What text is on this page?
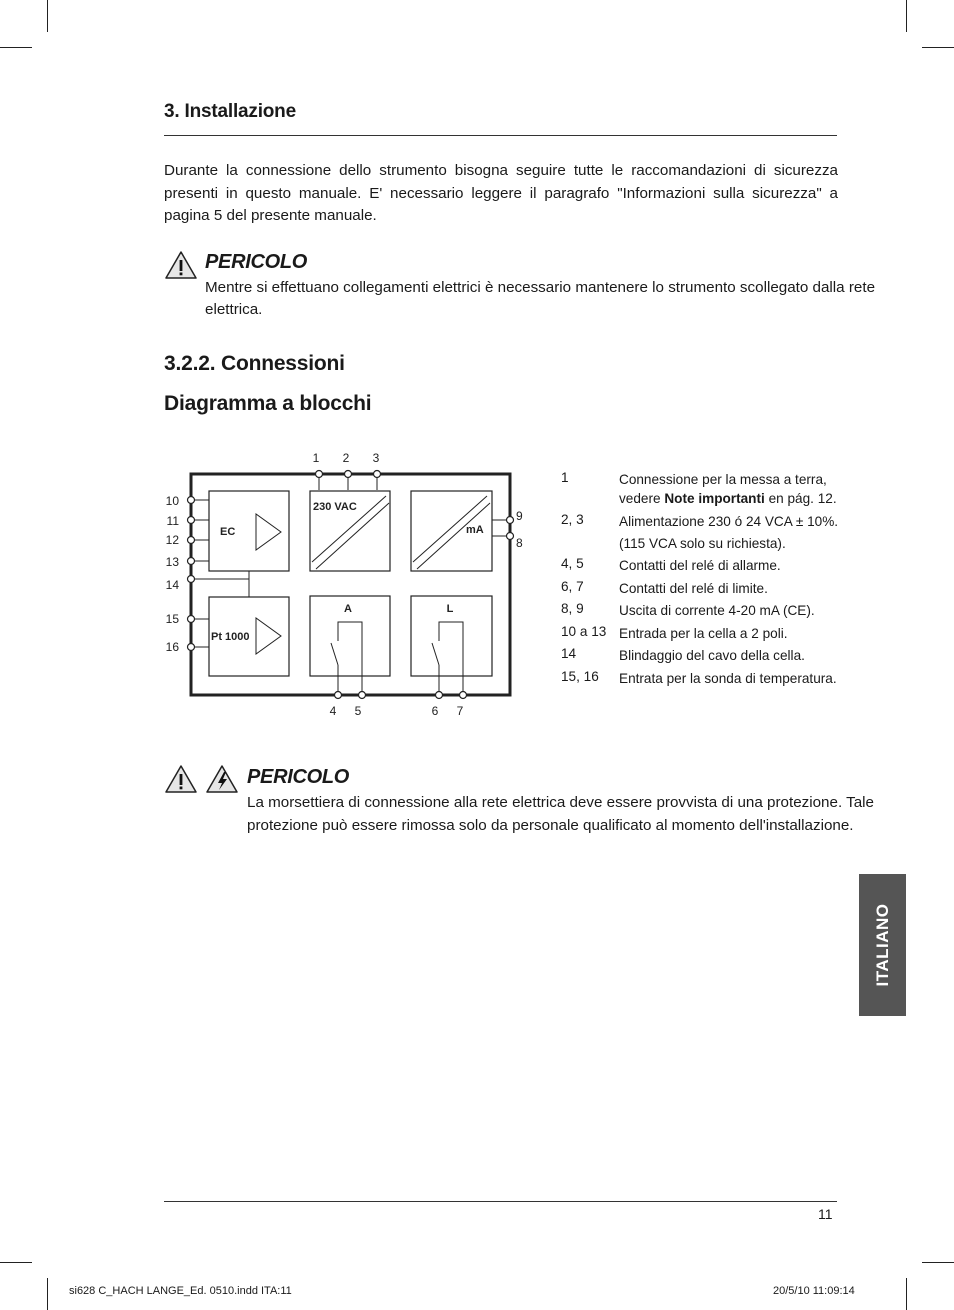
3. Installazione
Durante la connessione dello strumento bisogna seguire tutte le raccomandazioni di sicurezza presenti in questo manuale. E' necessario leggere il paragrafo "Informazioni sulla sicurezza" a pagina 5 del presente manuale.
PERICOLO
Mentre si effettuano collegamenti elettrici è necessario mantenere lo strumento scollegato dalla rete
elettrica.
3.2.2. Connessioni
Diagramma a blocchi
1 2 3
10
11
12
13
14
15
16
9
8
4 5	6 7
EC
Pt 1000
230 VAC
mA
A	L
1	Connessione per la messa a terra,
vedere Note importanti en pág. 12.
2, 3	Alimentazione 230 ó 24 VCA ± 10%.
(115 VCA solo su richiesta).
4, 5	Contatti del relé di allarme.
6, 7	Contatti del relé di limite.
8, 9	Uscita di corrente 4-20 mA (CE).
10 a 13 Entrada per la cella a 2 poli.
14	Blindaggio del cavo della cella.
15, 16 Entrata per la sonda di temperatura.
PERICOLO
La morsettiera di connessione alla rete elettrica deve essere provvista di una protezione. Tale
protezione può essere rimossa solo da personale qualificato al momento dell'installazione.
ITALIANO
11
si628 C_HACH LANGE_Ed. 0510.indd ITA:11	20/5/10 11:09:14
